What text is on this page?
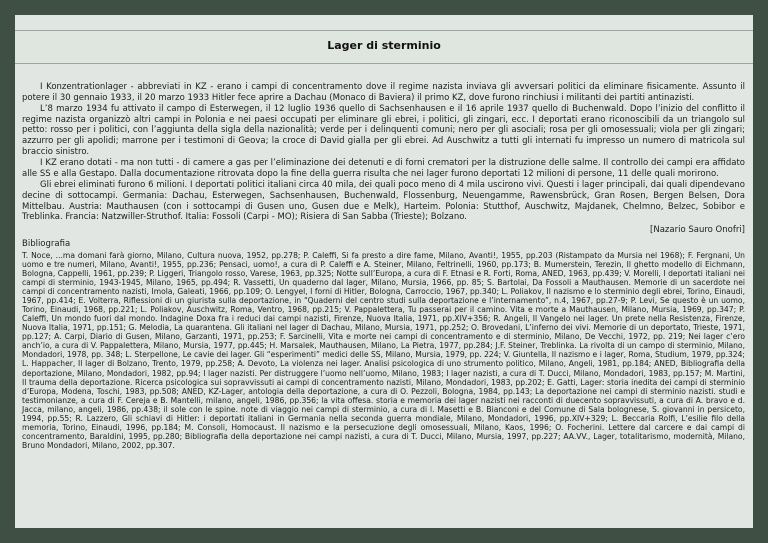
Lager di sterminio

I Konzentrationlager - abbreviati in KZ - erano i campi di concentramento dove il regime nazista inviava gli avversari politici da eliminare fisicamente. Assunto il potere il 30 gennaio 1933, il 20 marzo 1933 Hitler fece aprire a Dachau (Monaco di Baviera) il primo KZ, dove furono rinchiusi i militanti dei partiti antinazisti.

L’8 marzo 1934 fu attivato il campo di Esterwegen, il 12 luglio 1936 quello di Sachsenhausen e il 16 aprile 1937 quello di Buchenwald. Dopo l’inizio del conflitto il regime nazista organizzò altri campi in Polonia e nei paesi occupati per eliminare gli ebrei, i politici, gli zingari, ecc. I deportati erano riconoscibili da un triangolo sul petto: rosso per i politici, con l’aggiunta della sigla della nazionalità; verde per i delinquenti comuni; nero per gli asociali; rosa per gli omosessuali; viola per gli zingari; azzurro per gli apolidi; marrone per i testimoni di Geova; la croce di David gialla per gli ebrei. Ad Auschwitz a tutti gli internati fu impresso un numero di matricola sul braccio sinistro.

I KZ erano dotati - ma non tutti - di camere a gas per l’eliminazione dei detenuti e di forni crematori per la distruzione delle salme. Il controllo dei campi era affidato alle SS e alla Gestapo. Dalla documentazione ritrovata dopo la fine della guerra risulta che nei lager furono deportati 12 milioni di persone, 11 delle quali morirono.

Gli ebrei eliminati furono 6 milioni. I deportati politici italiani circa 40 mila, dei quali poco meno di 4 mila uscirono vivi. Questi i lager principali, dai quali dipendevano decine di sottocampi. Germania: Dachau, Esterwegen, Sachsenhausen, Buchenwald, Flossenburg, Neuengamme, Rawensbrück, Gran Rosen, Bergen Belsen, Dora Mittelbau. Austria: Mauthausen (con i sottocampi di Gusen uno, Gusen due e Melk), Harteim. Polonia: Stutthof, Auschwitz, Majdanek, Chelmno, Belzec, Sobibor e Treblinka. Francia: Natzwiller-Struthof. Italia: Fossoli (Carpi - MO); Risiera di San Sabba (Trieste); Bolzano.

[Nazario Sauro Onofri]
Bibliografia

T. Noce, ...ma domani farà giorno, Milano, Cultura nuova, 1952, pp.278; P. Caleffi, Si fa presto a dire fame, Milano, Avanti!, 1955, pp.203 (Ristampato da Mursia nel 1968); F. Fergnani, Un uomo e tre numeri, Milano, Avanti!, 1955, pp.236; Pensaci, uomo!, a cura di P. Caleffi e A. Steiner, Milano, Feltrinelli, 1960, pp.173; B. Mumerstein, Terezin, Il ghetto modello di Eichmann, Bologna, Cappelli, 1961, pp.239; P. Liggeri, Triangolo rosso, Varese, 1963, pp.325; Notte sull’Europa, a cura di F. Etnasi e R. Forti, Roma, ANED, 1963, pp.439; V. Morelli, I deportati italiani nei campi di sterminio, 1943-1945, Milano, 1965, pp.494; R. Vassetti, Un quaderno dal lager, Milano, Mursia, 1966, pp. 85; S. Bartolai, Da Fossoli a Mauthausen. Memorie di un sacerdote nei campi di concentramento nazisti, Imola, Galeati, 1966, pp.109; O. Lengyel, I forni di Hitler, Bologna, Carroccio, 1967, pp.340; L. Poliakov, Il nazismo e lo sterminio degli ebrei, Torino, Einaudi, 1967, pp.414; E. Volterra, Riflessioni di un giurista sulla deportazione, in “Quaderni del centro studi sulla deportazione e l’internamento”, n.4, 1967, pp.27-9; P. Levi, Se questo è un uomo, Torino, Einaudi, 1968, pp.221; L. Poliakov, Auschwitz, Roma, Ventro, 1968, pp.215; V. Pappalettera, Tu passerai per il camino. Vita e morte a Mauthausen, Milano, Mursia, 1969, pp.347; P. Caleffi, Un mondo fuori dal mondo. Indagine Doxa fra i reduci dai campi nazisti, Firenze, Nuova Italia, 1971, pp.XIV+356; R. Angeli, Il Vangelo nei lager. Un prete nella Resistenza, Firenze, Nuova Italia, 1971, pp.151; G. Melodia, La quarantena. Gli italiani nel lager di Dachau, Milano, Mursia, 1971, pp.252; O. Brovedani, L’inferno dei vivi. Memorie di un deportato, Trieste, 1971, pp.127; A. Carpi, Diario di Gusen, Milano, Garzanti, 1971, pp.253; F. Sarcinelli, Vita e morte nei campi di concentramento e di sterminio, Milano, De Vecchi, 1972, pp. 219; Nei lager c’ero anch’io, a cura di V. Pappalettera, Milano, Mursia, 1977, pp.445; H. Marsalek, Mauthausen, Milano, La Pietra, 1977, pp.284; J.F. Steiner, Treblinka. La rivolta di un campo di sterminio, Milano, Mondadori, 1978, pp. 348; L. Sterpellone, Le cavie dei lager. Gli “esperimenti” medici delle SS, Milano, Mursia, 1979, pp. 224; V. Giuntella, Il nazismo e i lager, Roma, Studium, 1979, pp.324; L. Happacher, Il lager di Bolzano, Trento, 1979, pp.258; A. Devoto, La violenza nei lager. Analisi psicologica di uno strumento politico, Milano, Angeli, 1981, pp.184; ANED, Bibliografia della deportazione, Milano, Mondadori, 1982, pp.94; I lager nazisti. Per distruggere l’uomo nell’uomo, Milano, 1983; I lager nazisti, a cura di T. Ducci, Milano, Mondadori, 1983, pp.157; M. Martini, Il trauma della deportazione. Ricerca psicologica sui sopravvissuti ai campi di concentramento nazisti, Milano, Mondadori, 1983, pp.202; E. Gatti, Lager: storia inedita dei campi di sterminio d’Europa, Modena, Toschi, 1983, pp.508; ANED, KZ-Lager, antologia della deportazione, a cura di O. Pezzoli, Bologna, 1984, pp.143; La deportazione nei campi di sterminio nazisti. studi e testimonianze, a cura di F. Cereja e B. Mantelli, milano, angeli, 1986, pp.356; la vita offesa. storia e memoria dei lager nazisti nei racconti di duecento sopravvissuti, a cura di A. bravo e d. Jacca, milano, angeli, 1986, pp.438; il sole con le spine. note di viaggio nei campi di sterminio, a cura di l. Masetti e B. Bianconi e del Comune di Sala bolognese, S. giovanni in persiceto, 1994, pp.55; R. Lazzero, Gli schiavi di Hitler: i deportati italiani in Germania nella seconda guerra mondiale, Milano, Mondadori, 1996, pp.XIV+329; L. Beccaria Rolfi, L’esilie filo della memoria, Torino, Einaudi, 1996, pp.184; M. Consoli, Homocaust. Il nazismo e la persecuzione degli omosessuali, Milano, Kaos, 1996; O. Focherini. Lettere dal carcere e dai campi di concentramento, Baraldini, 1995, pp.280; Bibliografia della deportazione nei campi nazisti, a cura di T. Ducci, Milano, Mursia, 1997, pp.227; AA.VV., Lager, totalitarismo, modernità, Milano, Bruno Mondadori, Milano, 2002, pp.307.
